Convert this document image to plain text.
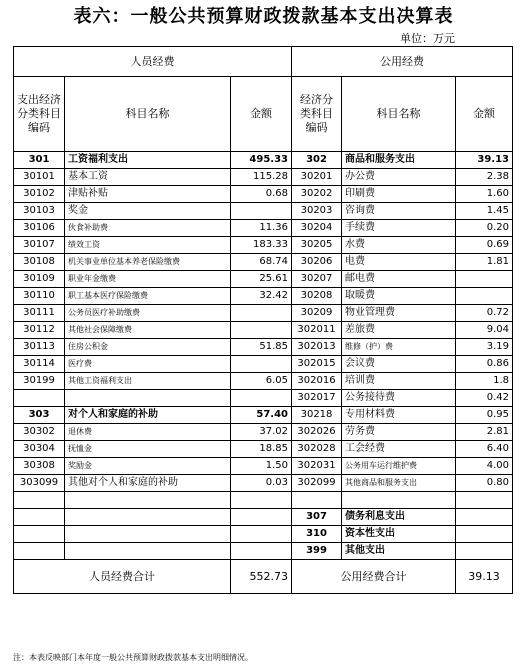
表六：一般公共预算财政拨款基本支出决算表
单位：万元
人员经费			公用经费		
支出经济分类科目编码	科目名称	金额	经济分类科目编码	科目名称	金额
301	工资福利支出	495.33	302	商品和服务支出	39.13
30101	基本工资	115.28	30201	办公费	2.38
30102	津贴补贴	0.68	30202	印刷费	1.60
30103	奖金		30203	咨询费	1.45
30106	伙食补助费	11.36	30204	手续费	0.20
30107	绩效工资	183.33	30205	水费	0.69
30108	机关事业单位基本养老保险缴费	68.74	30206	电费	1.81
30109	职业年金缴费	25.61	30207	邮电费	
30110	职工基本医疗保险缴费	32.42	30208	取暖费	
30111	公务员医疗补助缴费		30209	物业管理费	0.72
30112	其他社会保障缴费		302011	差旅费	9.04
30113	住房公积金	51.85	302013	维修（护）费	3.19
30114	医疗费		302015	会议费	0.86
30199	其他工资福利支出	6.05	302016	培训费	1.8
			302017	公务接待费	0.42
303	对个人和家庭的补助	57.40	30218	专用材料费	0.95
30302	退休费	37.02	302026	劳务费	2.81
30304	抚恤金	18.85	302028	工会经费	6.40
30308	奖励金	1.50	302031	公务用车运行维护费	4.00
303099	其他对个人和家庭的补助	0.03	302099	其他商品和服务支出	0.80

			307	债务利息支出	
			310	资本性支出	
			399	其他支出	
人员经费合计		552.73	公用经费合计		39.13
注：本表反映部门本年度一般公共预算财政拨款基本支出明细情况。
